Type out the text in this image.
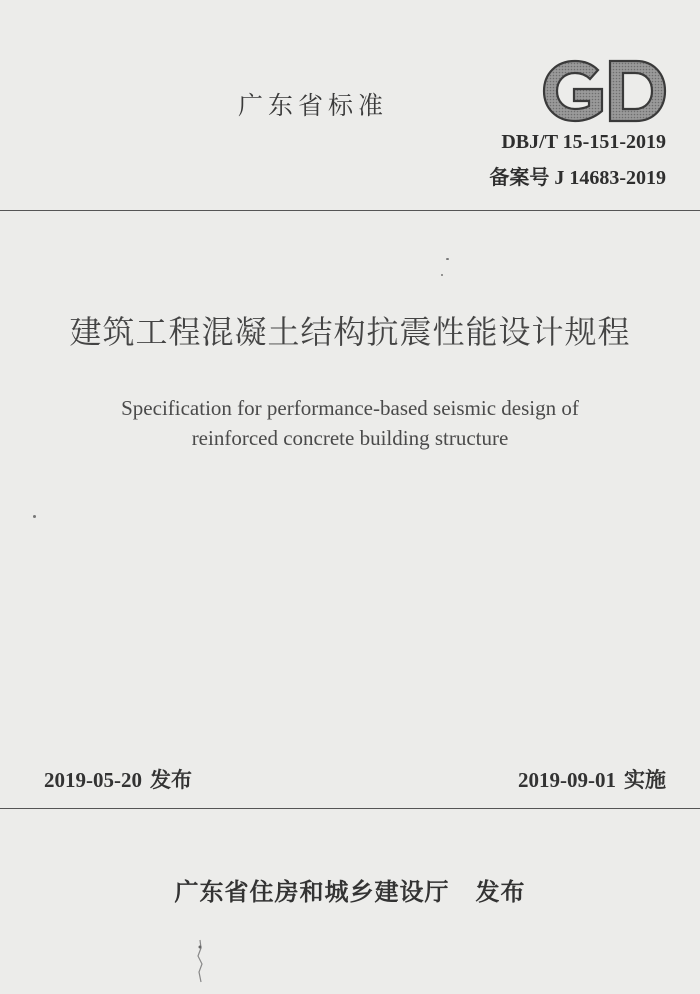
广东省标准
DBJ/T 15-151-2019
备案号 J 14683-2019
建筑工程混凝土结构抗震性能设计规程
Specification for performance-based seismic design of
reinforced concrete building structure
2019-05-20 发布	2019-09-01 实施
广东省住房和城乡建设厅 发布
